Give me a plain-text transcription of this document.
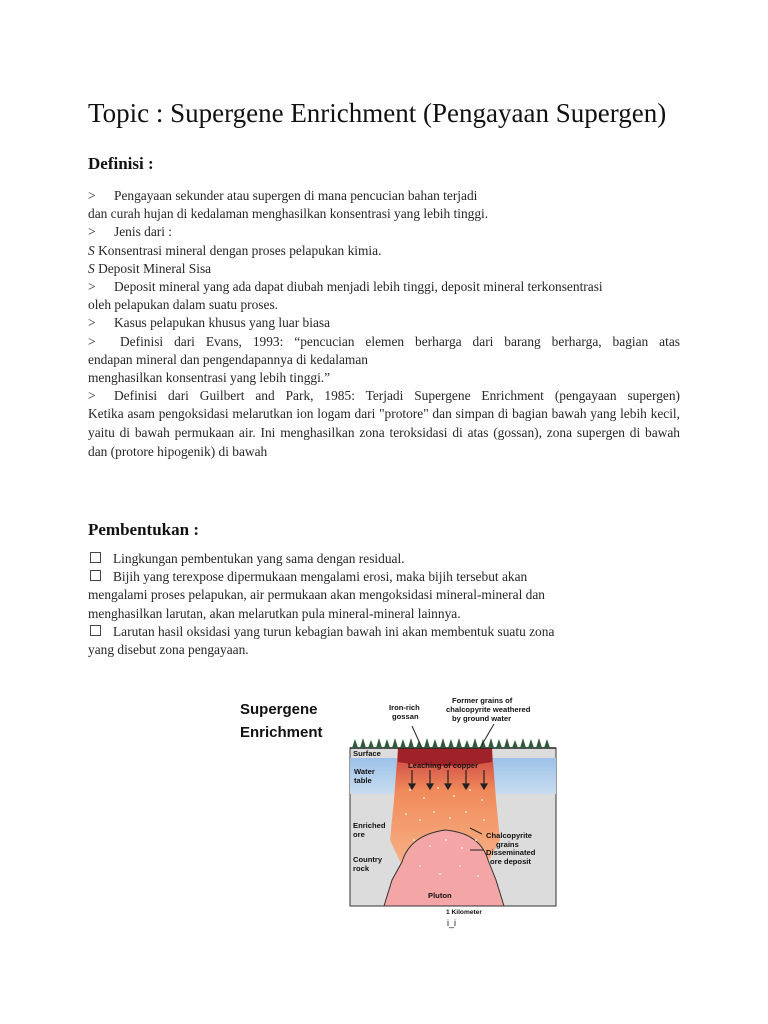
Topic : Supergene Enrichment (Pengayaan Supergen)
Definisi :

> Pengayaan sekunder atau supergen di mana pencucian bahan terjadi

dan curah hujan di kedalaman menghasilkan konsentrasi yang lebih tinggi.

> Jenis dari :

S Konsentrasi mineral dengan proses pelapukan kimia.

S Deposit Mineral Sisa

> Deposit mineral yang ada dapat diubah menjadi lebih tinggi, deposit mineral terkonsentrasi

oleh pelapukan dalam suatu proses.

> Kasus pelapukan khusus yang luar biasa

> Definisi dari Evans, 1993: “pencucian elemen berharga dari barang berharga, bagian atas

endapan mineral dan pengendapannya di kedalaman

menghasilkan konsentrasi yang lebih tinggi.”

> Definisi dari Guilbert and Park, 1985: Terjadi Supergene Enrichment (pengayaan supergen)

Ketika asam pengoksidasi melarutkan ion logam dari "protore" dan simpan di bagian bawah yang lebih kecil, yaitu di bawah permukaan air. Ini menghasilkan zona teroksidasi di atas (gossan), zona supergen di bawah dan (protore hipogenik) di bawah

Pembentukan :

Lingkungan pembentukan yang sama dengan residual.

Bijih yang terexpose dipermukaan mengalami erosi, maka bijih tersebut akan

mengalami proses pelapukan, air permukaan akan mengoksidasi mineral-mineral dan

menghasilkan larutan, akan melarutkan pula mineral-mineral lainnya.

Larutan hasil oksidasi yang turun kebagian bawah ini akan membentuk suatu zona

yang disebut zona pengayaan.

Supergene
Enrichment
Iron-rich
gossan
Former grains of
chalcopyrite weathered
by ground water
Surface
Leaching of copper
Water
table
Chalcopyrite
grains
Disseminated
ore deposit
Enriched
ore
Country
rock
Pluton
1 Kilometer
i_i
